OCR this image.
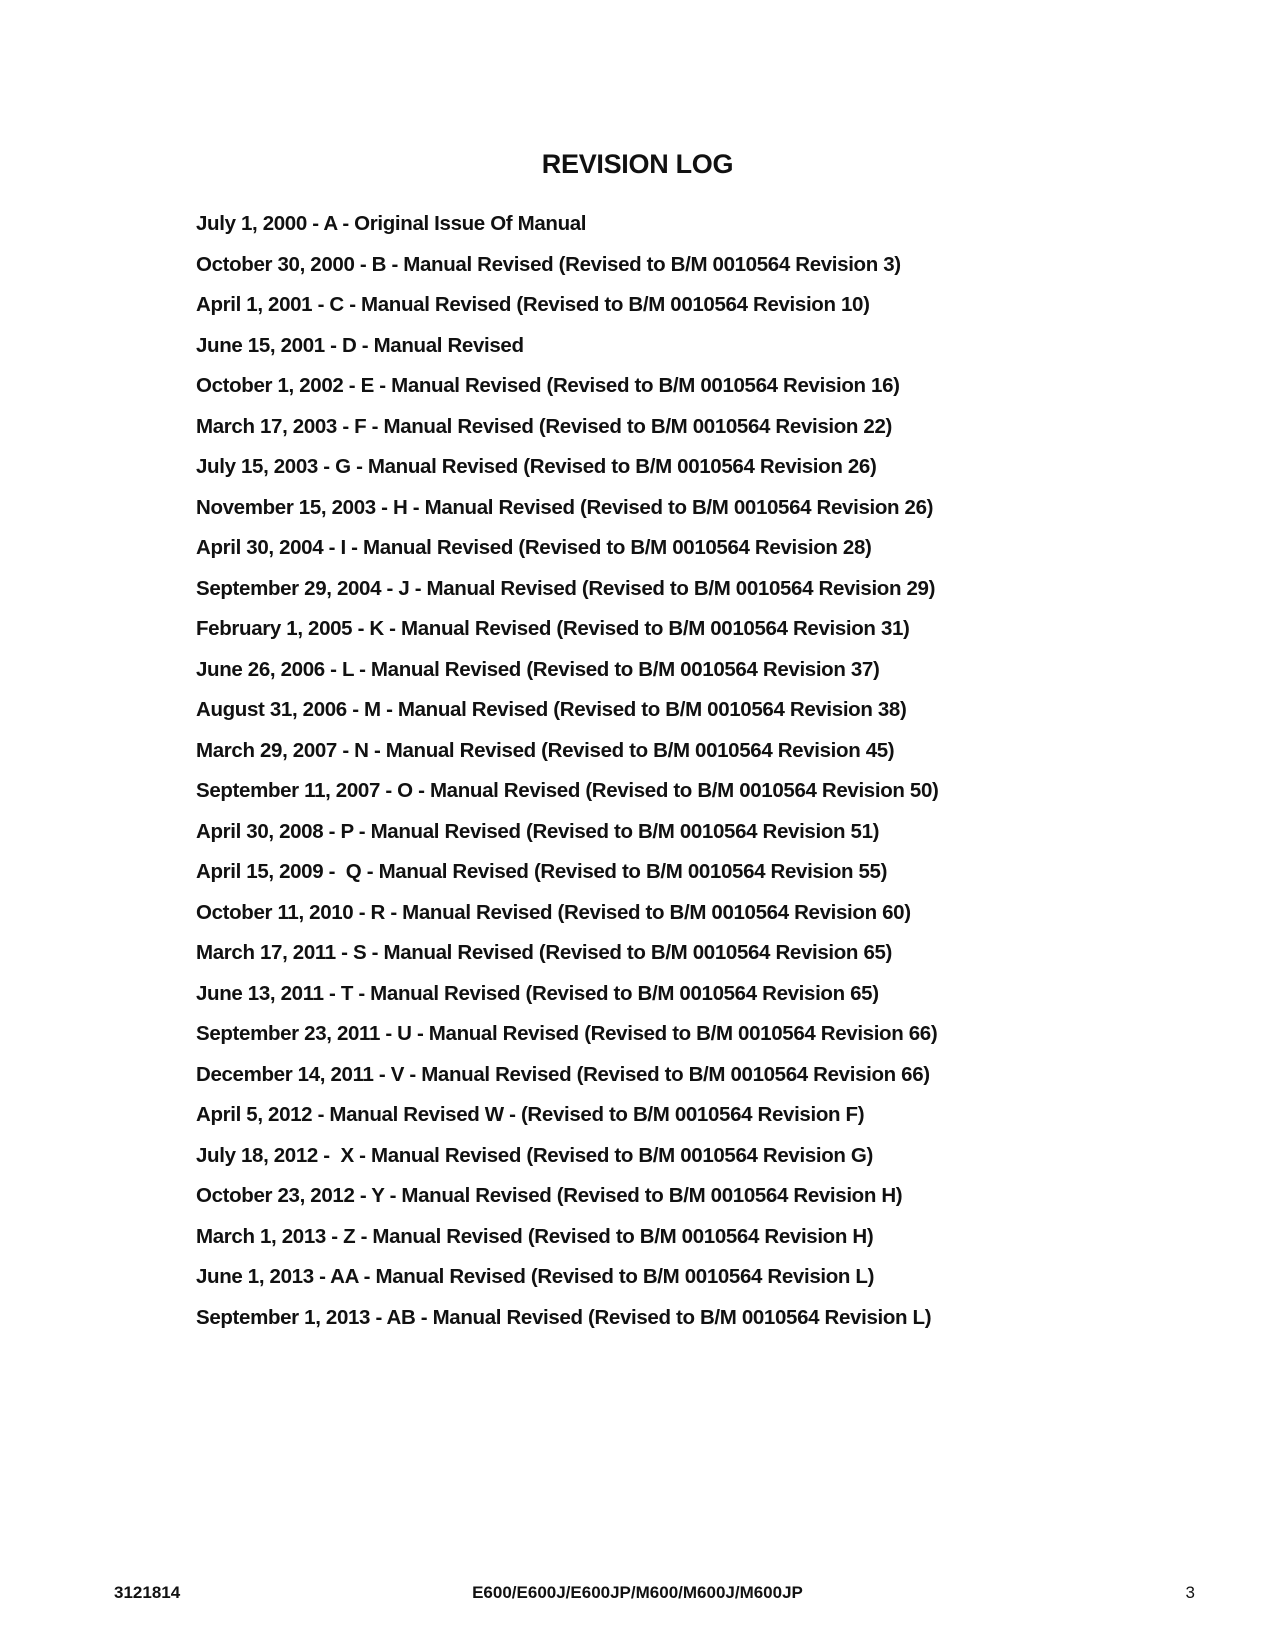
REVISION LOG
July 1, 2000 - A - Original Issue Of Manual
October 30, 2000 - B - Manual Revised (Revised to B/M 0010564 Revision 3)
April 1, 2001 - C - Manual Revised (Revised to B/M 0010564 Revision 10)
June 15, 2001 - D - Manual Revised
October 1, 2002 - E - Manual Revised (Revised to B/M 0010564 Revision 16)
March 17, 2003 - F - Manual Revised (Revised to B/M 0010564 Revision 22)
July 15, 2003 - G - Manual Revised (Revised to B/M 0010564 Revision 26)
November 15, 2003 - H - Manual Revised (Revised to B/M 0010564 Revision 26)
April 30, 2004 - I - Manual Revised (Revised to B/M 0010564 Revision 28)
September 29, 2004 - J - Manual Revised (Revised to B/M 0010564 Revision 29)
February 1, 2005 - K - Manual Revised (Revised to B/M 0010564 Revision 31)
June 26, 2006 - L - Manual Revised (Revised to B/M 0010564 Revision 37)
August 31, 2006 - M - Manual Revised (Revised to B/M 0010564 Revision 38)
March 29, 2007 - N - Manual Revised (Revised to B/M 0010564 Revision 45)
September 11, 2007 - O - Manual Revised (Revised to B/M 0010564 Revision 50)
April 30, 2008 - P - Manual Revised (Revised to B/M 0010564 Revision 51)
April 15, 2009 -  Q - Manual Revised (Revised to B/M 0010564 Revision 55)
October 11, 2010 - R - Manual Revised (Revised to B/M 0010564 Revision 60)
March 17, 2011 - S - Manual Revised (Revised to B/M 0010564 Revision 65)
June 13, 2011 - T - Manual Revised (Revised to B/M 0010564 Revision 65)
September 23, 2011 - U - Manual Revised (Revised to B/M 0010564 Revision 66)
December 14, 2011 - V - Manual Revised (Revised to B/M 0010564 Revision 66)
April 5, 2012 - Manual Revised W - (Revised to B/M 0010564 Revision F)
July 18, 2012 -  X - Manual Revised (Revised to B/M 0010564 Revision G)
October 23, 2012 - Y - Manual Revised (Revised to B/M 0010564 Revision H)
March 1, 2013 - Z - Manual Revised (Revised to B/M 0010564 Revision H)
June 1, 2013 - AA - Manual Revised (Revised to B/M 0010564 Revision L)
September 1, 2013 - AB - Manual Revised (Revised to B/M 0010564 Revision L)
E600/E600J/E600JP/M600/M600J/M600JP
3121814	3
